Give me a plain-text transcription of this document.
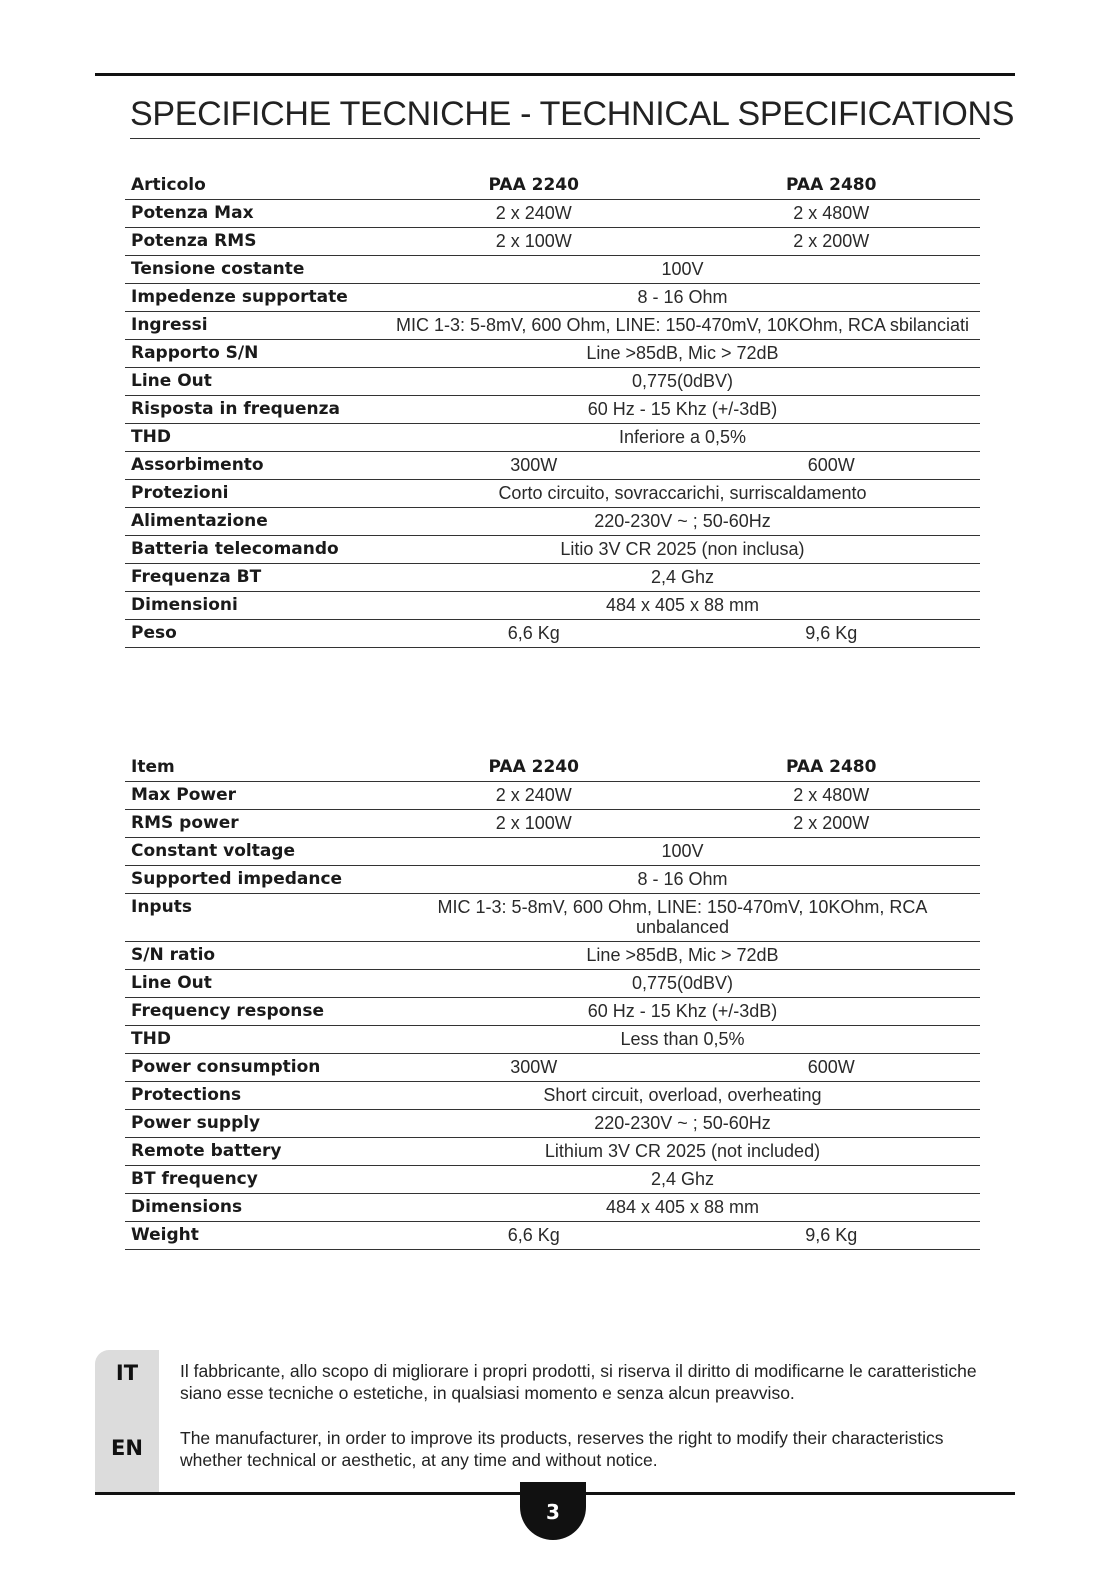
SPECIFICHE TECNICHE - TECHNICAL SPECIFICATIONS
Articolo	PAA 2240	PAA 2480
Potenza Max	2 x 240W	2 x 480W
Potenza RMS	2 x 100W	2 x 200W
Tensione costante	100V	
Impedenze supportate	8 - 16 Ohm	
Ingressi	MIC 1-3: 5-8mV, 600 Ohm, LINE: 150-470mV, 10KOhm, RCA sbilanciati	
Rapporto S/N	Line >85dB, Mic > 72dB	
Line Out	0,775(0dBV)	
Risposta in frequenza	60 Hz - 15 Khz (+/-3dB)	
THD	Inferiore a 0,5%	
Assorbimento	300W	600W
Protezioni	Corto circuito, sovraccarichi, surriscaldamento	
Alimentazione	220-230V ~ ; 50-60Hz	
Batteria telecomando	Litio 3V CR 2025 (non inclusa)	
Frequenza BT	2,4 Ghz	
Dimensioni	484 x 405 x 88 mm	
Peso	6,6 Kg	9,6 Kg
Item	PAA 2240	PAA 2480
Max Power	2 x 240W	2 x 480W
RMS power	2 x 100W	2 x 200W
Constant voltage	100V	
Supported impedance	8 - 16 Ohm	
Inputs	MIC 1-3: 5-8mV, 600 Ohm, LINE: 150-470mV, 10KOhm, RCA unbalanced	
S/N ratio	Line >85dB, Mic > 72dB	
Line Out	0,775(0dBV)	
Frequency response	60 Hz - 15 Khz (+/-3dB)	
THD	Less than 0,5%	
Power consumption	300W	600W
Protections	Short circuit, overload, overheating	
Power supply	220-230V ~ ; 50-60Hz	
Remote battery	Lithium 3V CR 2025 (not included)	
BT frequency	2,4 Ghz	
Dimensions	484 x 405 x 88 mm	
Weight	6,6 Kg	9,6 Kg
IT
EN
Il fabbricante, allo scopo di migliorare i propri prodotti, si riserva il diritto di modificarne le caratteristiche siano esse tecniche o estetiche, in qualsiasi momento e senza alcun preavviso.
The manufacturer, in order to improve its products, reserves the right to modify their characteristics whether technical or aesthetic, at any time and without notice.
3
